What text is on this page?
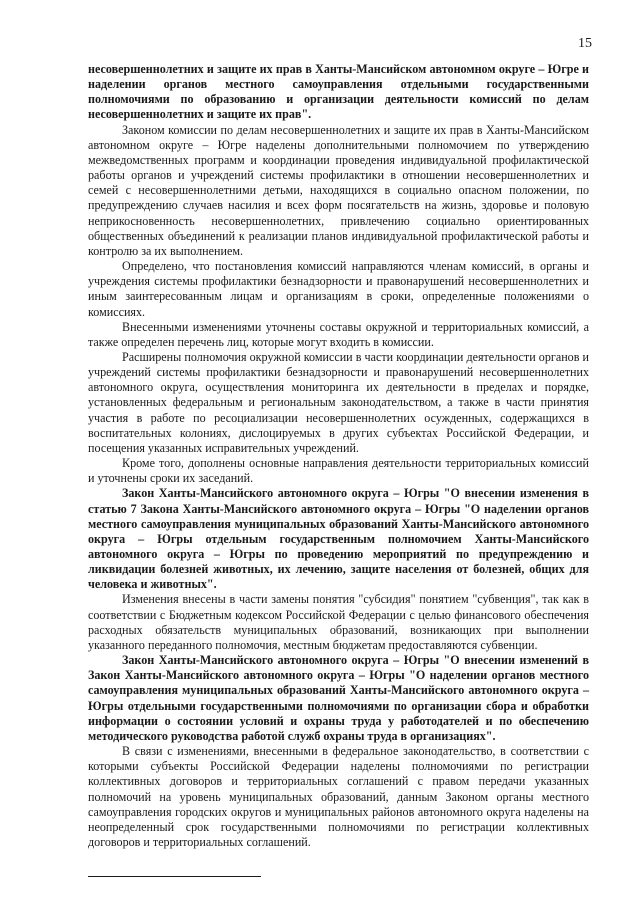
15

несовершеннолетних и защите их прав в Ханты-Мансийском автономном округе – Югре и наделении органов местного самоуправления отдельными государственными полномочиями по образованию и организации деятельности комиссий по делам несовершеннолетних и защите их прав".

Законом комиссии по делам несовершеннолетних и защите их прав в Ханты-Мансийском автономном округе – Югре наделены дополнительными полномочием по утверждению межведомственных программ и координации проведения индивидуальной профилактической работы органов и учреждений системы профилактики в отношении несовершеннолетних и семей с несовершеннолетними детьми, находящихся в социально опасном положении, по предупреждению случаев насилия и всех форм посягательств на жизнь, здоровье и половую неприкосновенность несовершеннолетних, привлечению социально ориентированных общественных объединений к реализации планов индивидуальной профилактической работы и контролю за их выполнением.

Определено, что постановления комиссий направляются членам комиссий, в органы и учреждения системы профилактики безнадзорности и правонарушений несовершеннолетних и иным заинтересованным лицам и организациям в сроки, определенные положениями о комиссиях.

Внесенными изменениями уточнены составы окружной и территориальных комиссий, а также определен перечень лиц, которые могут входить в комиссии.

Расширены полномочия окружной комиссии в части координации деятельности органов и учреждений системы профилактики безнадзорности и правонарушений несовершеннолетних автономного округа, осуществления мониторинга их деятельности в пределах и порядке, установленных федеральным и региональным законодательством, а также в части принятия участия в работе по ресоциализации несовершеннолетних осужденных, содержащихся в воспитательных колониях, дислоцируемых в других субъектах Российской Федерации, и посещения указанных исправительных учреждений.

Кроме того, дополнены основные направления деятельности территориальных комиссий и уточнены сроки их заседаний.

Закон Ханты-Мансийского автономного округа – Югры "О внесении изменения в статью 7 Закона Ханты-Мансийского автономного округа – Югры "О наделении органов местного самоуправления муниципальных образований Ханты-Мансийского автономного округа – Югры отдельным государственным полномочием Ханты-Мансийского автономного округа – Югры по проведению мероприятий по предупреждению и ликвидации болезней животных, их лечению, защите населения от болезней, общих для человека и животных".

Изменения внесены в части замены понятия "субсидия" понятием "субвенция", так как в соответствии с Бюджетным кодексом Российской Федерации с целью финансового обеспечения расходных обязательств муниципальных образований, возникающих при выполнении указанного переданного полномочия, местным бюджетам предоставляются субвенции.

Закон Ханты-Мансийского автономного округа – Югры "О внесении изменений в Закон Ханты-Мансийского автономного округа – Югры "О наделении органов местного самоуправления муниципальных образований Ханты-Мансийского автономного округа – Югры отдельными государственными полномочиями по организации сбора и обработки информации о состоянии условий и охраны труда у работодателей и по обеспечению методического руководства работой служб охраны труда в организациях".

В связи с изменениями, внесенными в федеральное законодательство, в соответствии с которыми субъекты Российской Федерации наделены полномочиями по регистрации коллективных договоров и территориальных соглашений с правом передачи указанных полномочий на уровень муниципальных образований, данным Законом органы местного самоуправления городских округов и муниципальных районов автономного округа наделены на неопределенный срок государственными полномочиями по регистрации коллективных договоров и территориальных соглашений.
